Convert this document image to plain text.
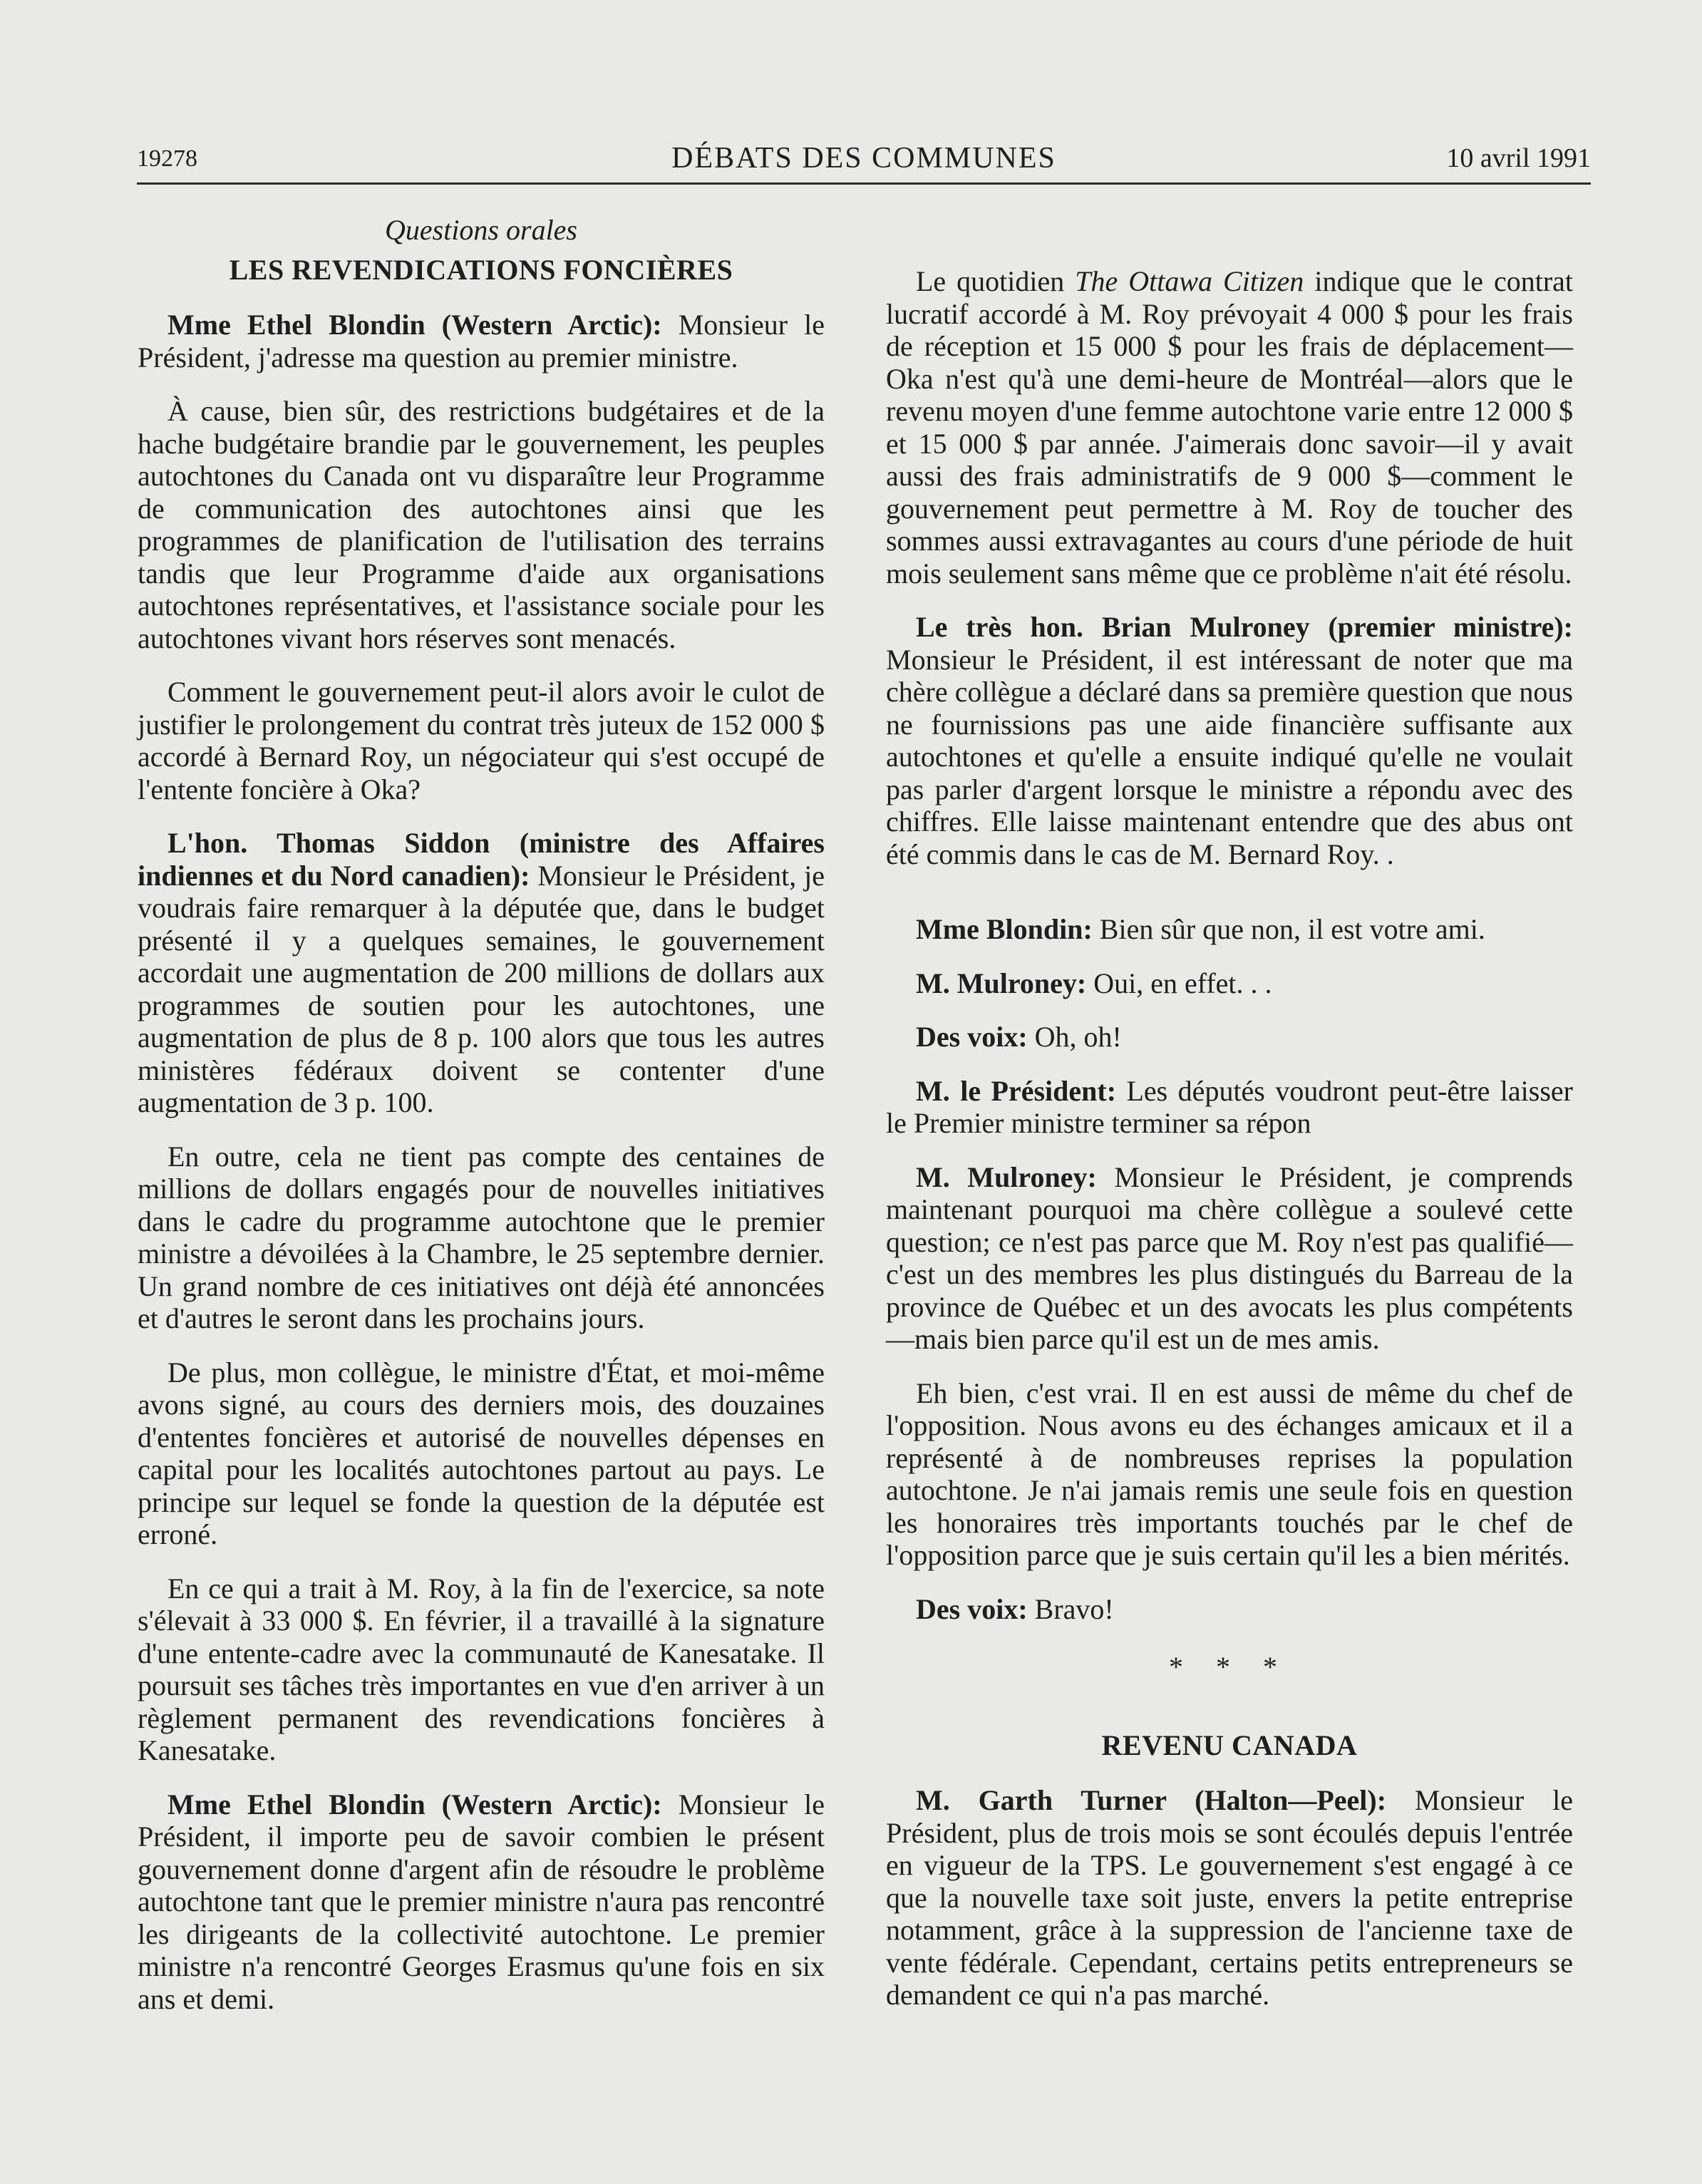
19278	DÉBATS DES COMMUNES	10 avril 1991
Questions orales
LES REVENDICATIONS FONCIÈRES

Mme Ethel Blondin (Western Arctic): Monsieur le Président, j'adresse ma question au premier ministre.

À cause, bien sûr, des restrictions budgétaires et de la hache budgétaire brandie par le gouvernement, les peuples autochtones du Canada ont vu disparaître leur Programme de communication des autochtones ainsi que les programmes de planification de l'utilisation des terrains tandis que leur Programme d'aide aux organisations autochtones représentatives, et l'assistance sociale pour les autochtones vivant hors réserves sont menacés.

Comment le gouvernement peut-il alors avoir le culot de justifier le prolongement du contrat très juteux de 152 000 $ accordé à Bernard Roy, un négociateur qui s'est occupé de l'entente foncière à Oka?

L'hon. Thomas Siddon (ministre des Affaires indiennes et du Nord canadien): Monsieur le Président, je voudrais faire remarquer à la députée que, dans le budget présenté il y a quelques semaines, le gouvernement accordait une augmentation de 200 millions de dollars aux programmes de soutien pour les autochtones, une augmentation de plus de 8 p. 100 alors que tous les autres ministères fédéraux doivent se contenter d'une augmentation de 3 p. 100.

En outre, cela ne tient pas compte des centaines de millions de dollars engagés pour de nouvelles initiatives dans le cadre du programme autochtone que le premier ministre a dévoilées à la Chambre, le 25 septembre dernier. Un grand nombre de ces initiatives ont déjà été annoncées et d'autres le seront dans les prochains jours.

De plus, mon collègue, le ministre d'État, et moi-même avons signé, au cours des derniers mois, des douzaines d'ententes foncières et autorisé de nouvelles dépenses en capital pour les localités autochtones partout au pays. Le principe sur lequel se fonde la question de la députée est erroné.

En ce qui a trait à M. Roy, à la fin de l'exercice, sa note s'élevait à 33 000 $. En février, il a travaillé à la signature d'une entente-cadre avec la communauté de Kanesatake. Il poursuit ses tâches très importantes en vue d'en arriver à un règlement permanent des revendications foncières à Kanesatake.

Mme Ethel Blondin (Western Arctic): Monsieur le Président, il importe peu de savoir combien le présent gouvernement donne d'argent afin de résoudre le problème autochtone tant que le premier ministre n'aura pas rencontré les dirigeants de la collectivité autochtone. Le premier ministre n'a rencontré Georges Erasmus qu'une fois en six ans et demi.

Le quotidien The Ottawa Citizen indique que le contrat lucratif accordé à M. Roy prévoyait 4 000 $ pour les frais de réception et 15 000 $ pour les frais de déplacement—Oka n'est qu'à une demi-heure de Montréal—alors que le revenu moyen d'une femme autochtone varie entre 12 000 $ et 15 000 $ par année. J'aimerais donc savoir—il y avait aussi des frais administratifs de 9 000 $—comment le gouvernement peut permettre à M. Roy de toucher des sommes aussi extravagantes au cours d'une période de huit mois seulement sans même que ce problème n'ait été résolu.

Le très hon. Brian Mulroney (premier ministre): Monsieur le Président, il est intéressant de noter que ma chère collègue a déclaré dans sa première question que nous ne fournissions pas une aide financière suffisante aux autochtones et qu'elle a ensuite indiqué qu'elle ne voulait pas parler d'argent lorsque le ministre a répondu avec des chiffres. Elle laisse maintenant entendre que des abus ont été commis dans le cas de M. Bernard Roy. .

Mme Blondin: Bien sûr que non, il est votre ami.

M. Mulroney: Oui, en effet. . .

Des voix: Oh, oh!

M. le Président: Les députés voudront peut-être laisser le Premier ministre terminer sa répon

M. Mulroney: Monsieur le Président, je comprends maintenant pourquoi ma chère collègue a soulevé cette question; ce n'est pas parce que M. Roy n'est pas qualifié—c'est un des membres les plus distingués du Barreau de la province de Québec et un des avocats les plus compétents—mais bien parce qu'il est un de mes amis.

Eh bien, c'est vrai. Il en est aussi de même du chef de l'opposition. Nous avons eu des échanges amicaux et il a représenté à de nombreuses reprises la population autochtone. Je n'ai jamais remis une seule fois en question les honoraires très importants touchés par le chef de l'opposition parce que je suis certain qu'il les a bien mérités.

Des voix: Bravo!

* * *
REVENU CANADA

M. Garth Turner (Halton—Peel): Monsieur le Président, plus de trois mois se sont écoulés depuis l'entrée en vigueur de la TPS. Le gouvernement s'est engagé à ce que la nouvelle taxe soit juste, envers la petite entreprise notamment, grâce à la suppression de l'ancienne taxe de vente fédérale. Cependant, certains petits entrepreneurs se demandent ce qui n'a pas marché.
